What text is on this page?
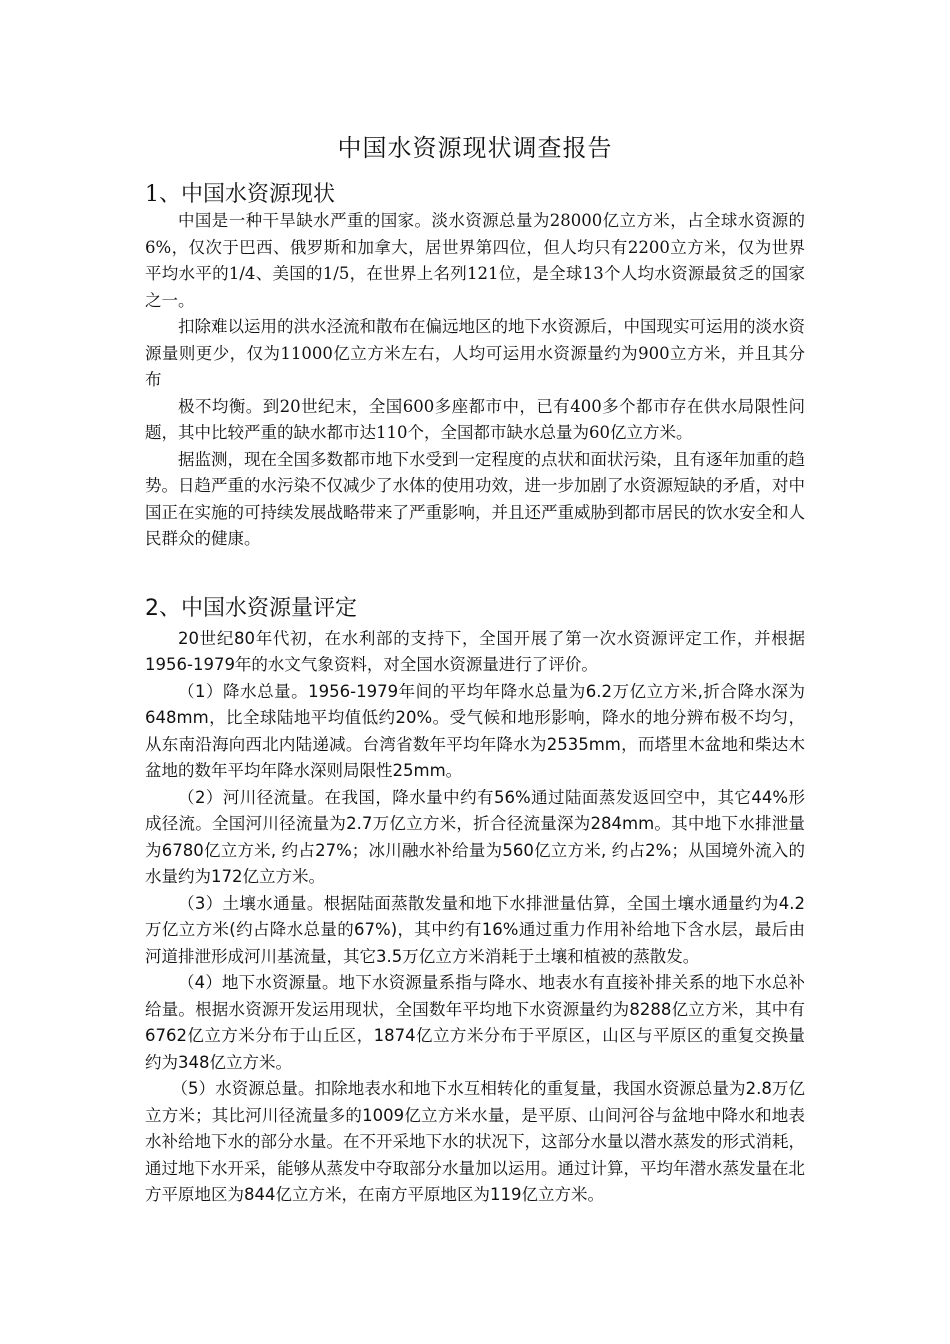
中国水资源现状调查报告
1、中国水资源现状

中国是一种干旱缺水严重的国家。淡水资源总量为28000亿立方米，占全球水资源的6%，仅次于巴西、俄罗斯和加拿大，居世界第四位，但人均只有2200立方米，仅为世界平均水平的1/4、美国的1/5，在世界上名列121位，是全球13个人均水资源最贫乏的国家之一。

扣除难以运用的洪水泾流和散布在偏远地区的地下水资源后，中国现实可运用的淡水资源量则更少，仅为11000亿立方米左右，人均可运用水资源量约为900立方米，并且其分布

极不均衡。到20世纪末，全国600多座都市中，已有400多个都市存在供水局限性问题，其中比较严重的缺水都市达110个，全国都市缺水总量为60亿立方米。

据监测，现在全国多数都市地下水受到一定程度的点状和面状污染，且有逐年加重的趋势。日趋严重的水污染不仅减少了水体的使用功效，进一步加剧了水资源短缺的矛盾，对中国正在实施的可持续发展战略带来了严重影响，并且还严重威胁到都市居民的饮水安全和人民群众的健康。

2、中国水资源量评定

20世纪80年代初，在水利部的支持下，全国开展了第一次水资源评定工作，并根据1956-1979年的水文气象资料，对全国水资源量进行了评价。

（1）降水总量。1956-1979年间的平均年降水总量为6.2万亿立方米,折合降水深为648mm，比全球陆地平均值低约20%。受气候和地形影响，降水的地分辨布极不均匀，从东南沿海向西北内陆递减。台湾省数年平均年降水为2535mm，而塔里木盆地和柴达木盆地的数年平均年降水深则局限性25mm。

（2）河川径流量。在我国，降水量中约有56%通过陆面蒸发返回空中，其它44%形成径流。全国河川径流量为2.7万亿立方米，折合径流量深为284mm。其中地下水排泄量为6780亿立方米, 约占27%；冰川融水补给量为560亿立方米, 约占2%；从国境外流入的水量约为172亿立方米。

（3）土壤水通量。根据陆面蒸散发量和地下水排泄量估算，全国土壤水通量约为4.2万亿立方米(约占降水总量的67%)，其中约有16%通过重力作用补给地下含水层，最后由河道排泄形成河川基流量，其它3.5万亿立方米消耗于土壤和植被的蒸散发。

（4）地下水资源量。地下水资源量系指与降水、地表水有直接补排关系的地下水总补给量。根据水资源开发运用现状，全国数年平均地下水资源量约为8288亿立方米，其中有6762亿立方米分布于山丘区，1874亿立方米分布于平原区，山区与平原区的重复交换量约为348亿立方米。

（5）水资源总量。扣除地表水和地下水互相转化的重复量，我国水资源总量为2.8万亿立方米；其比河川径流量多的1009亿立方米水量，是平原、山间河谷与盆地中降水和地表水补给地下水的部分水量。在不开采地下水的状况下，这部分水量以潜水蒸发的形式消耗，通过地下水开采，能够从蒸发中夺取部分水量加以运用。通过计算，平均年潜水蒸发量在北方平原地区为844亿立方米，在南方平原地区为119亿立方米。
